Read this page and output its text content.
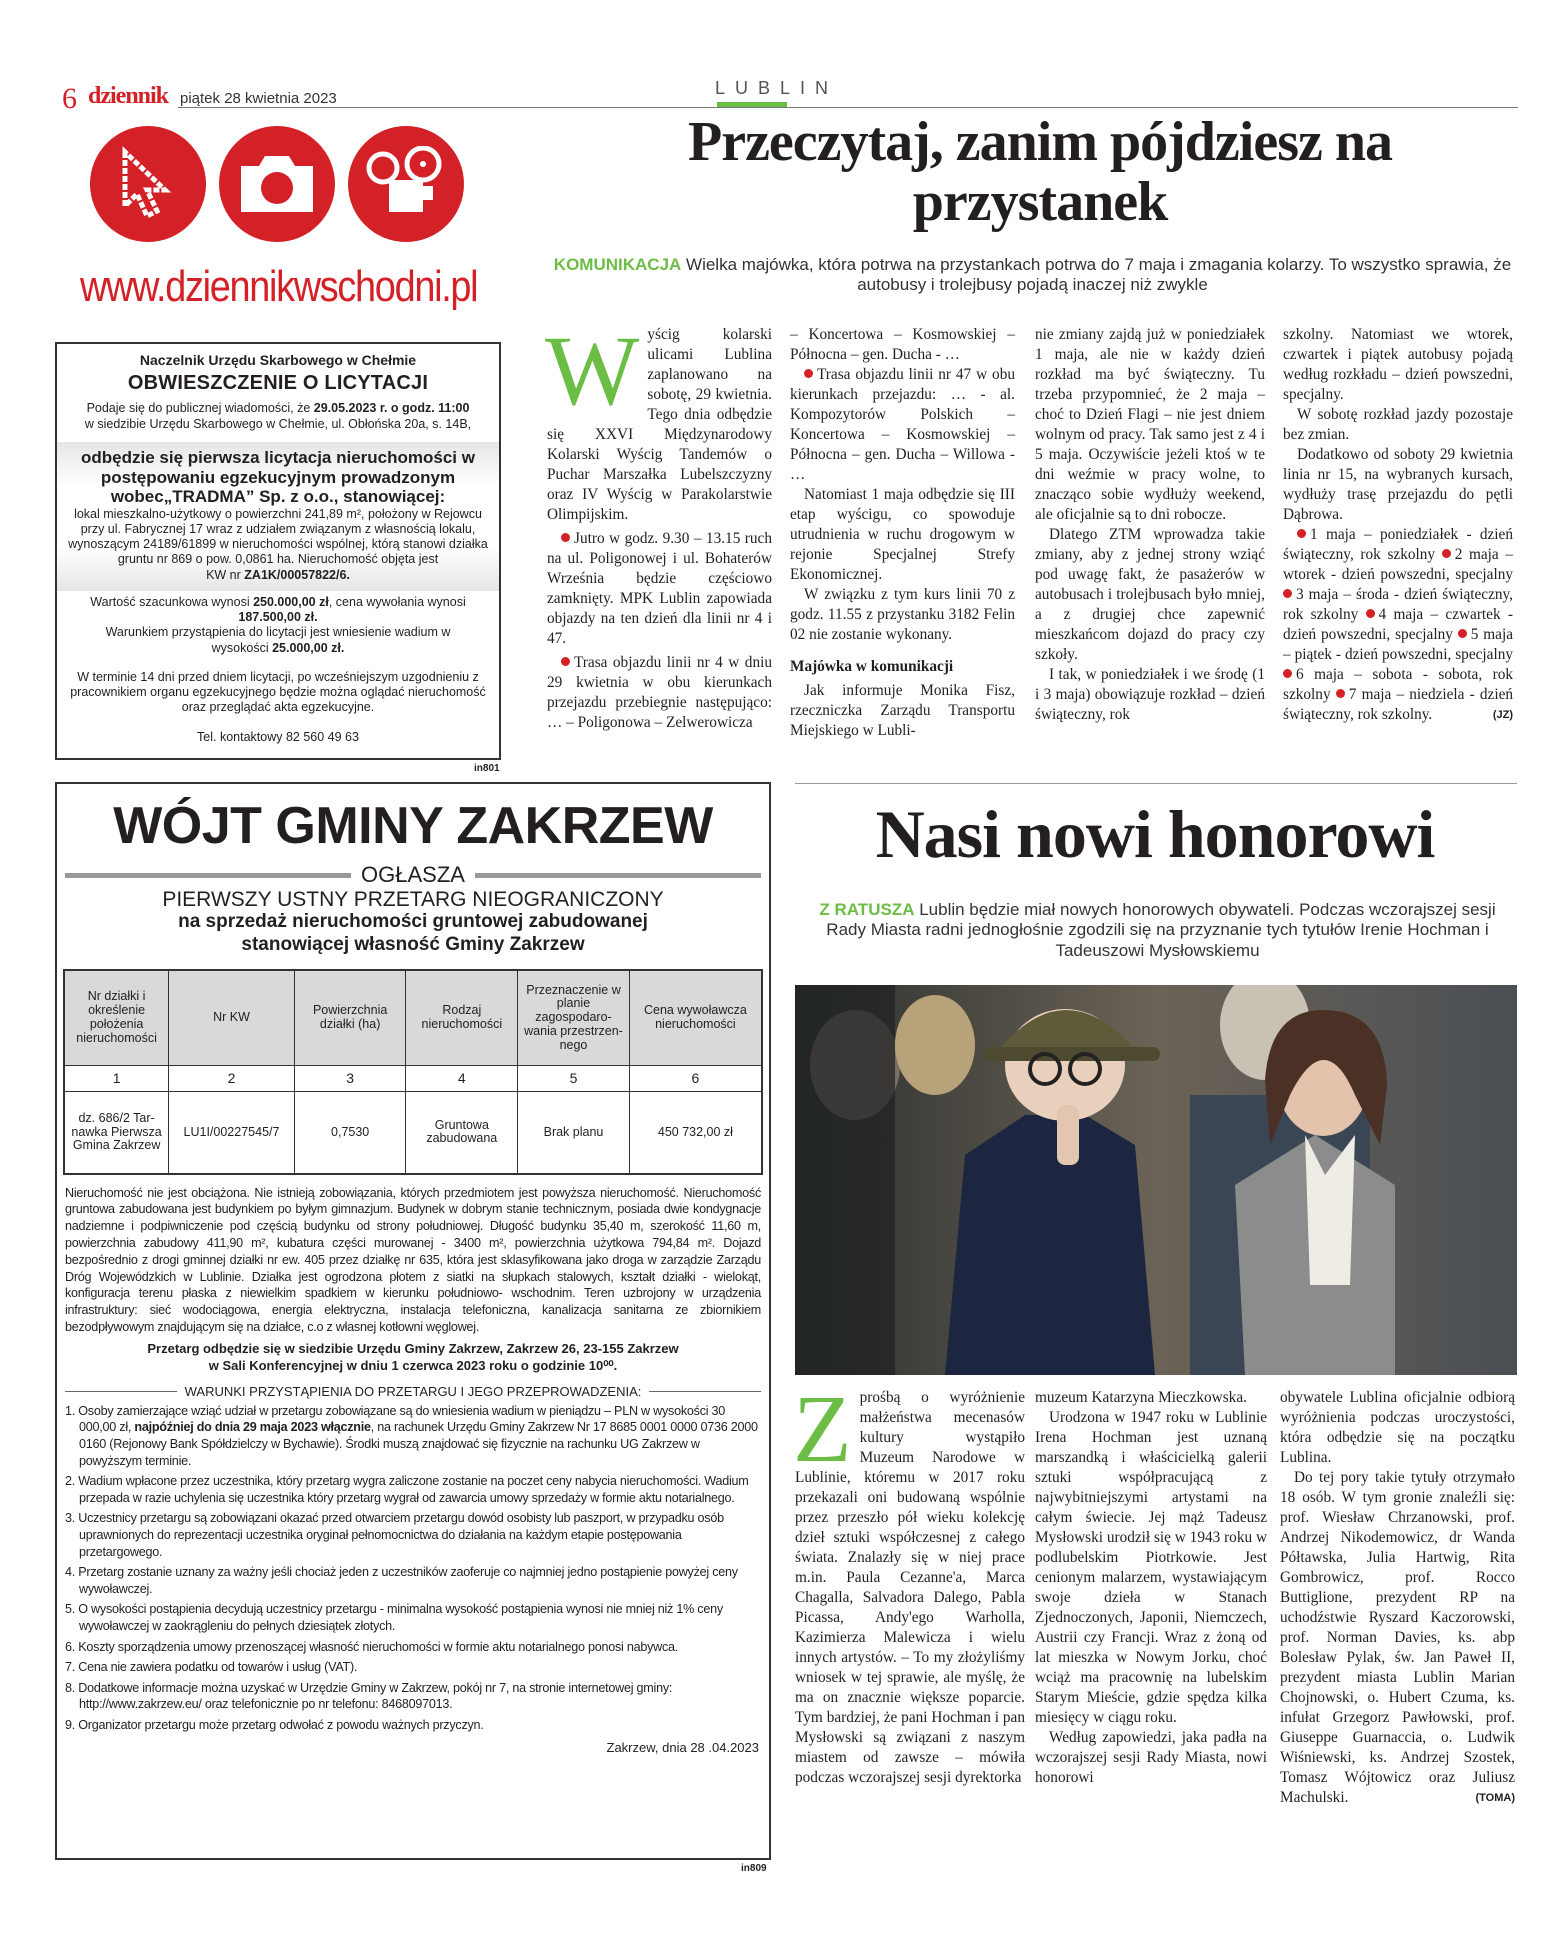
6 dziennik piątek 28 kwietnia 2023
www.dziennikwschodni.pl
Naczelnik Urzędu Skarbowego w Chełmie
OBWIESZCZENIE O LICYTACJI
Podaje się do publicznej wiadomości, że 29.05.2023 r. o godz. 11:00
w siedzibie Urzędu Skarbowego w Chełmie, ul. Obłońska 20a, s. 14B,
odbędzie się pierwsza licytacja nieruchomości w postępowaniu egzekucyjnym prowadzonym wobec„TRADMA” Sp. z o.o., stanowiącej:
lokal mieszkalno-użytkowy o powierzchni 241,89 m², położony w Rejowcu przy ul. Fabrycznej 17 wraz z udziałem związanym z własnością lokalu, wynoszącym 24189/61899 w nieruchomości wspólnej, którą stanowi działka gruntu nr 869 o pow. 0,0861 ha. Nieruchomość objęta jest
KW nr ZA1K/00057822/6.
Wartość szacunkowa wynosi 250.000,00 zł, cena wywołania wynosi
187.500,00 zł.
Warunkiem przystąpienia do licytacji jest wniesienie wadium w wysokości 25.000,00 zł.
W terminie 14 dni przed dniem licytacji, po wcześniejszym uzgodnieniu z pracownikiem organu egzekucyjnego będzie można oglądać nieruchomość oraz przeglądać akta egzekucyjne.
Tel. kontaktowy 82 560 49 63
in801
LUBLIN
Przeczytaj, zanim pójdziesz na przystanek
KOMUNIKACJA Wielka majówka, która potrwa na przystankach potrwa do 7 maja i zmagania kolarzy. To wszystko sprawia, że autobusy i trolejbusy pojadą inaczej niż zwykle

Wyścig kolarski ulicami Lublina zaplanowano na sobotę, 29 kwietnia. Tego dnia odbędzie się XXVI Międzynarodowy Kolarski Wyścig Tandemów o Puchar Marszałka Lubelszczyzny oraz IV Wyścig w Parakolarstwie Olimpijskim.

Jutro w godz. 9.30 – 13.15 ruch na ul. Poligonowej i ul. Bohaterów Września będzie częściowo zamknięty. MPK Lublin zapowiada objazdy na ten dzień dla linii nr 4 i 47.

Trasa objazdu linii nr 4 w dniu 29 kwietnia w obu kierunkach przejazdu przebiegnie następująco: … – Poligonowa – Zelwerowicza

– Koncertowa – Kosmowskiej – Północna – gen. Ducha - …

Trasa objazdu linii nr 47 w obu kierunkach przejazdu: … - al. Kompozytorów Polskich – Koncertowa – Kosmowskiej – Północna – gen. Ducha – Willowa - …

Natomiast 1 maja odbędzie się III etap wyścigu, co spowoduje utrudnienia w ruchu drogowym w rejonie Specjalnej Strefy Ekonomicznej.

W związku z tym kurs linii 70 z godz. 11.55 z przystanku 3182 Felin 02 nie zostanie wykonany.

Majówka w komunikacji

Jak informuje Monika Fisz, rzeczniczka Zarządu Transportu Miejskiego w Lubli-

nie zmiany zajdą już w poniedziałek 1 maja, ale nie w każdy dzień rozkład ma być świąteczny. Tu trzeba przypomnieć, że 2 maja – choć to Dzień Flagi – nie jest dniem wolnym od pracy. Tak samo jest z 4 i 5 maja. Oczywiście jeżeli ktoś w te dni weźmie w pracy wolne, to znacząco sobie wydłuży weekend, ale oficjalnie są to dni robocze.

Dlatego ZTM wprowadza takie zmiany, aby z jednej strony wziąć pod uwagę fakt, że pasażerów w autobusach i trolejbusach było mniej, a z drugiej chce zapewnić mieszkańcom dojazd do pracy czy szkoły.

I tak, w poniedziałek i we środę (1 i 3 maja) obowiązuje rozkład – dzień świąteczny, rok

szkolny. Natomiast we wtorek, czwartek i piątek autobusy pojadą według rozkładu – dzień powszedni, specjalny.

W sobotę rozkład jazdy pozostaje bez zmian.

Dodatkowo od soboty 29 kwietnia linia nr 15, na wybranych kursach, wydłuży trasę przejazdu do pętli Dąbrowa.

1 maja – poniedziałek - dzień świąteczny, rok szkolny 2 maja – wtorek - dzień powszedni, specjalny 3 maja – środa - dzień świąteczny, rok szkolny 4 maja – czwartek - dzień powszedni, specjalny 5 maja – piątek - dzień powszedni, specjalny 6 maja – sobota - sobota, rok szkolny 7 maja – niedziela - dzień świąteczny, rok szkolny.	(JZ)

WÓJT GMINY ZAKRZEW
OGŁASZA
PIERWSZY USTNY PRZETARG NIEOGRANICZONY
na sprzedaż nieruchomości gruntowej zabudowanej stanowiącej własność Gminy Zakrzew
Nr działki i określenie położenia nieruchomości	Nr KW	Powierzchnia działki (ha)	Rodzaj nieruchomości	Przeznaczenie w planie zagospodaro-wania przestrzen-nego	Cena wywoławcza nieruchomości
1	2	3	4	5	6
dz. 686/2 Tar-nawka Pierwsza Gmina Zakrzew	LU1I/00227545/7	0,7530	Gruntowa zabudowana	Brak planu	450 732,00 zł
Nieruchomość nie jest obciążona. Nie istnieją zobowiązania, których przedmiotem jest powyższa nieruchomość. Nieruchomość gruntowa zabudowana jest budynkiem po byłym gimnazjum. Budynek w dobrym stanie technicznym, posiada dwie kondygnacje nadziemne i podpiwniczenie pod częścią budynku od strony południowej. Długość budynku 35,40 m, szerokość 11,60 m, powierzchnia zabudowy 411,90 m², kubatura części murowanej - 3400 m², powierzchnia użytkowa 794,84 m². Dojazd bezpośrednio z drogi gminnej działki nr ew. 405 przez działkę nr 635, która jest sklasyfikowana jako droga w zarządzie Zarządu Dróg Wojewódzkich w Lublinie. Działka jest ogrodzona płotem z siatki na słupkach stalowych, kształt działki - wielokąt, konfiguracja terenu płaska z niewielkim spadkiem w kierunku południowo- wschodnim. Teren uzbrojony w urządzenia infrastruktury: sieć wodociągowa, energia elektryczna, instalacja telefoniczna, kanalizacja sanitarna ze zbiornikiem bezodpływowym znajdującym się na działce, c.o z własnej kotłowni węglowej.
Przetarg odbędzie się w siedzibie Urzędu Gminy Zakrzew, Zakrzew 26, 23-155 Zakrzew
w Sali Konferencyjnej w dniu 1 czerwca 2023 roku o godzinie 10⁰⁰.
WARUNKI PRZYSTĄPIENIA DO PRZETARGU I JEGO PRZEPROWADZENIA:
1. Osoby zamierzające wziąć udział w przetargu zobowiązane są do wniesienia wadium w pieniądzu – PLN w wysokości 30 000,00 zł, najpóźniej do dnia 29 maja 2023 włącznie, na rachunek Urzędu Gminy Zakrzew Nr 17 8685 0001 0000 0736 2000 0160 (Rejonowy Bank Spółdzielczy w Bychawie). Środki muszą znajdować się fizycznie na rachunku UG Zakrzew w powyższym terminie.
2. Wadium wpłacone przez uczestnika, który przetarg wygra zaliczone zostanie na poczet ceny nabycia nieruchomości. Wadium przepada w razie uchylenia się uczestnika który przetarg wygrał od zawarcia umowy sprzedaży w formie aktu notarialnego.
3. Uczestnicy przetargu są zobowiązani okazać przed otwarciem przetargu dowód osobisty lub paszport, w przypadku osób uprawnionych do reprezentacji uczestnika oryginał pełnomocnictwa do działania na każdym etapie postępowania przetargowego.
4. Przetarg zostanie uznany za ważny jeśli chociaż jeden z uczestników zaoferuje co najmniej jedno postąpienie powyżej ceny wywoławczej.
5. O wysokości postąpienia decydują uczestnicy przetargu - minimalna wysokość postąpienia wynosi nie mniej niż 1% ceny wywoławczej w zaokrągleniu do pełnych dziesiątek złotych.
6. Koszty sporządzenia umowy przenoszącej własność nieruchomości w formie aktu notarialnego ponosi nabywca.
7. Cena nie zawiera podatku od towarów i usług (VAT).
8. Dodatkowe informacje można uzyskać w Urzędzie Gminy w Zakrzew, pokój nr 7, na stronie internetowej gminy: http://www.zakrzew.eu/ oraz telefonicznie po nr telefonu: 8468097013.
9. Organizator przetargu może przetarg odwołać z powodu ważnych przyczyn.
Zakrzew, dnia 28 .04.2023
in809
Nasi nowi honorowi
Z RATUSZA Lublin będzie miał nowych honorowych obywateli. Podczas wczorajszej sesji Rady Miasta radni jednogłośnie zgodzili się na przyznanie tych tytułów Irenie Hochman i Tadeuszowi Mysłowskiemu

Zprośbą o wyróżnienie małżeństwa mecenasów kultury wystąpiło Muzeum Narodowe w Lublinie, któremu w 2017 roku przekazali oni budowaną wspólnie przez przeszło pół wieku kolekcję dzieł sztuki współczesnej z całego świata. Znalazły się w niej prace m.in. Paula Cezanne'a, Marca Chagalla, Salvadora Dalego, Pabla Picassa, Andy'ego Warholla, Kazimierza Malewicza i wielu innych artystów. – To my złożyliśmy wniosek w tej sprawie, ale myślę, że ma on znacznie większe poparcie. Tym bardziej, że pani Hochman i pan Mysłowski są związani z naszym miastem od zawsze – mówiła podczas wczorajszej sesji dyrektorka

muzeum Katarzyna Mieczkowska.

Urodzona w 1947 roku w Lublinie Irena Hochman jest uznaną marszandką i właścicielką galerii sztuki współpracującą z najwybitniejszymi artystami na całym świecie. Jej mąż Tadeusz Mysłowski urodził się w 1943 roku w podlubelskim Piotrkowie. Jest cenionym malarzem, wystawiającym swoje dzieła w Stanach Zjednoczonych, Japonii, Niemczech, Austrii czy Francji. Wraz z żoną od lat mieszka w Nowym Jorku, choć wciąż ma pracownię na lubelskim Starym Mieście, gdzie spędza kilka miesięcy w ciągu roku.

Według zapowiedzi, jaka padła na wczorajszej sesji Rady Miasta, nowi honorowi

obywatele Lublina oficjalnie odbiorą wyróżnienia podczas uroczystości, która odbędzie się na początku Lublina.

Do tej pory takie tytuły otrzymało 18 osób. W tym gronie znaleźli się: prof. Wiesław Chrzanowski, prof. Andrzej Nikodemowicz, dr Wanda Półtawska, Julia Hartwig, Rita Gombrowicz, prof. Rocco Buttiglione, prezydent RP na uchodźstwie Ryszard Kaczorowski, prof. Norman Davies, ks. abp Bolesław Pylak, św. Jan Paweł II, prezydent miasta Lublin Marian Chojnowski, o. Hubert Czuma, ks. infułat Grzegorz Pawłowski, prof. Giuseppe Guarnaccia, o. Ludwik Wiśniewski, ks. Andrzej Szostek, Tomasz Wójtowicz oraz Juliusz Machulski.	(TOMA)
